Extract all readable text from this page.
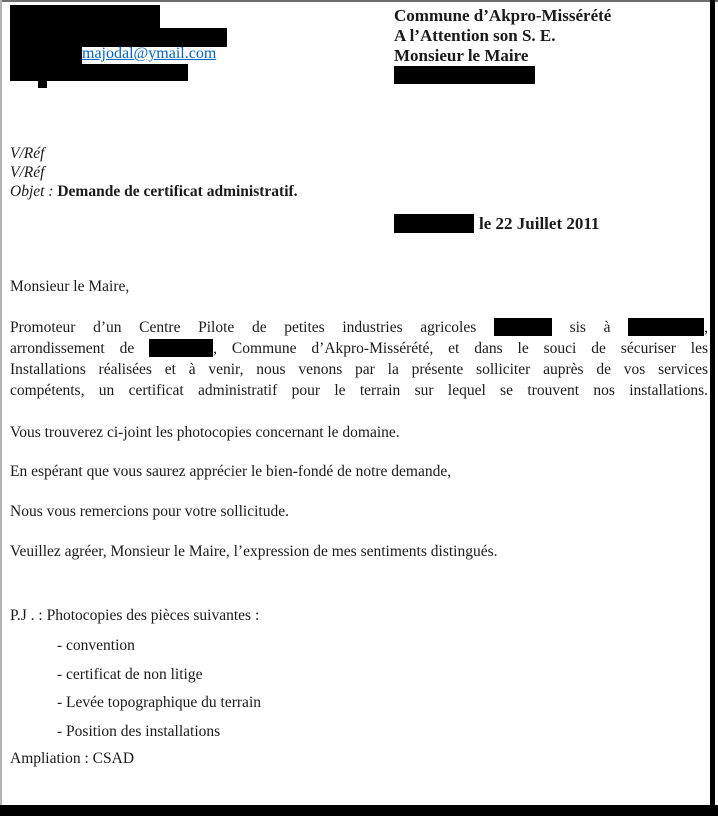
majodal@ymail.com
Commune d’Akpro-Missérété
A l’Attention son S. E.
Monsieur le Maire
V/Réf
V/Réf
Objet : Demande de certificat administratif.
le 22 Juillet 2011
Monsieur le Maire,
Promoteur d’un Centre Pilote de petites industries agricoles	sis à	,
arrondissement de	, Commune d’Akpro-Missérété, et dans le souci de sécuriser les
Installations réalisées et à venir, nous venons par la présente solliciter auprès de vos services
compétents, un certificat administratif pour le terrain sur lequel se trouvent nos installations.
Vous trouverez ci-joint les photocopies concernant le domaine.
En espérant que vous saurez apprécier le bien-fondé de notre demande,
Nous vous remercions pour votre sollicitude.
Veuillez agréer, Monsieur le Maire, l’expression de mes sentiments distingués.
P.J . : Photocopies des pièces suivantes :
- convention
- certificat de non litige
- Levée topographique du terrain
- Position des installations
Ampliation : CSAD
